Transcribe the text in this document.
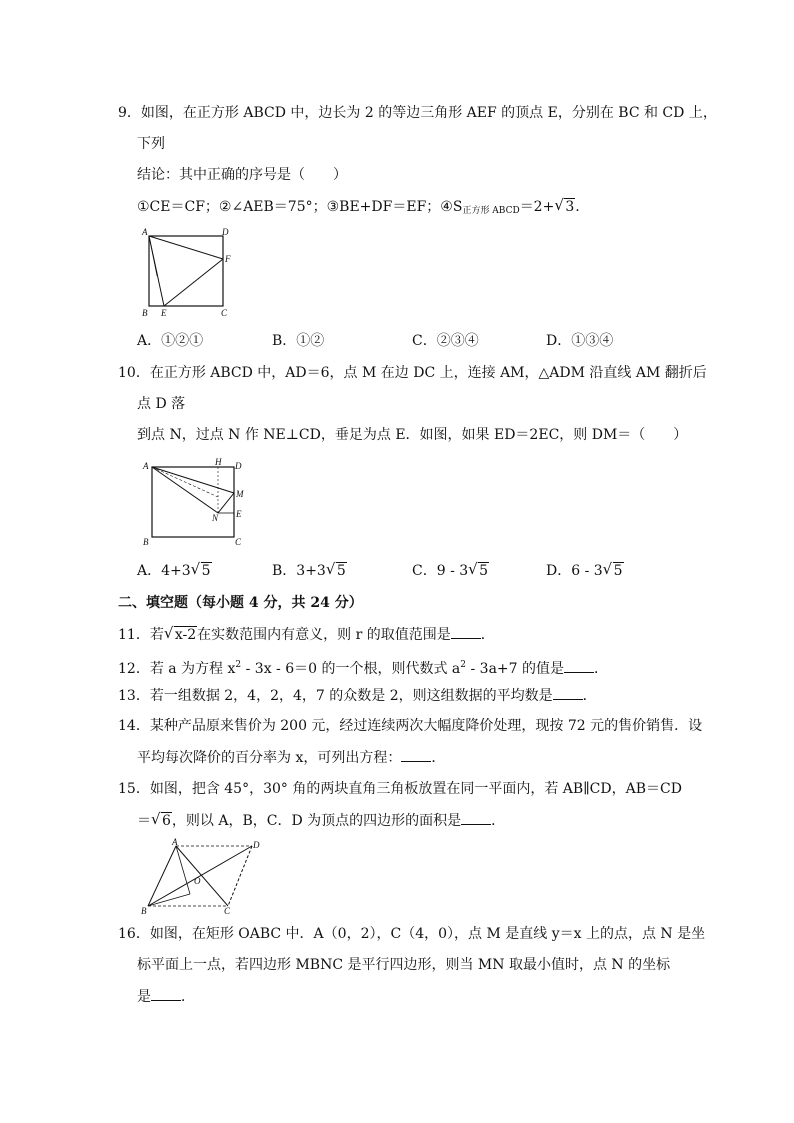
9．如图，在正方形 ABCD 中，边长为 2 的等边三角形 AEF 的顶点 E，分别在 BC 和 CD 上，
下列
结论：其中正确的序号是（　　）
①CE＝CF；②∠AEB＝75°；③BE+DF＝EF；$④S_{正方形 ABCD}=2+$ √ 3.
A	D
F
B E	C
A．①②①	B．①②	C．②③④	D．①③④
10．在正方形 ABCD 中，AD＝6，点 M 在边 DC 上，连接 AM，△ADM 沿直线 AM 翻折后
点 D 落
到点 N，过点 N 作 NE⊥CD，垂足为点 E．如图，如果 ED＝2EC，则 DM＝（　　）
A	H D
M
E
N
B	C
A．4+3 √ 5	B．3+3 √ 5	C．9 - 3 √ 5	D．6 - 3 √ 5
二、填空题（每小题 4 分，共 24 分）
11．若 √ x-2在实数范围内有意义，则 r 的取值范围是 ．
12．若 a 为方程 $x^2 - 3x - 6=0$ 的一个根，则代数式 $a^2 - 3a+7$ 的值是 ．
13．若一组数据 2，4，2，4，7 的众数是 2，则这组数据的平均数是 ．
14．某种产品原来售价为 200 元，经过连续两次大幅度降价处理，现按 72 元的售价销售．设
平均每次降价的百分率为 x，可列出方程： ．
15．如图，把含 45°，30° 角的两块直角三角板放置在同一平面内，若 AB∥CD，AB＝CD
＝ √ 6，则以 A，B，C．D 为顶点的四边形的面积是 ．
A	D
O
B	C
16．如图，在矩形 OABC 中．A（0，2），C（4，0），点 M 是直线 y＝x 上的点，点 N 是坐
标平面上一点，若四边形 MBNC 是平行四边形，则当 MN 取最小值时，点 N 的坐标
是 ．
